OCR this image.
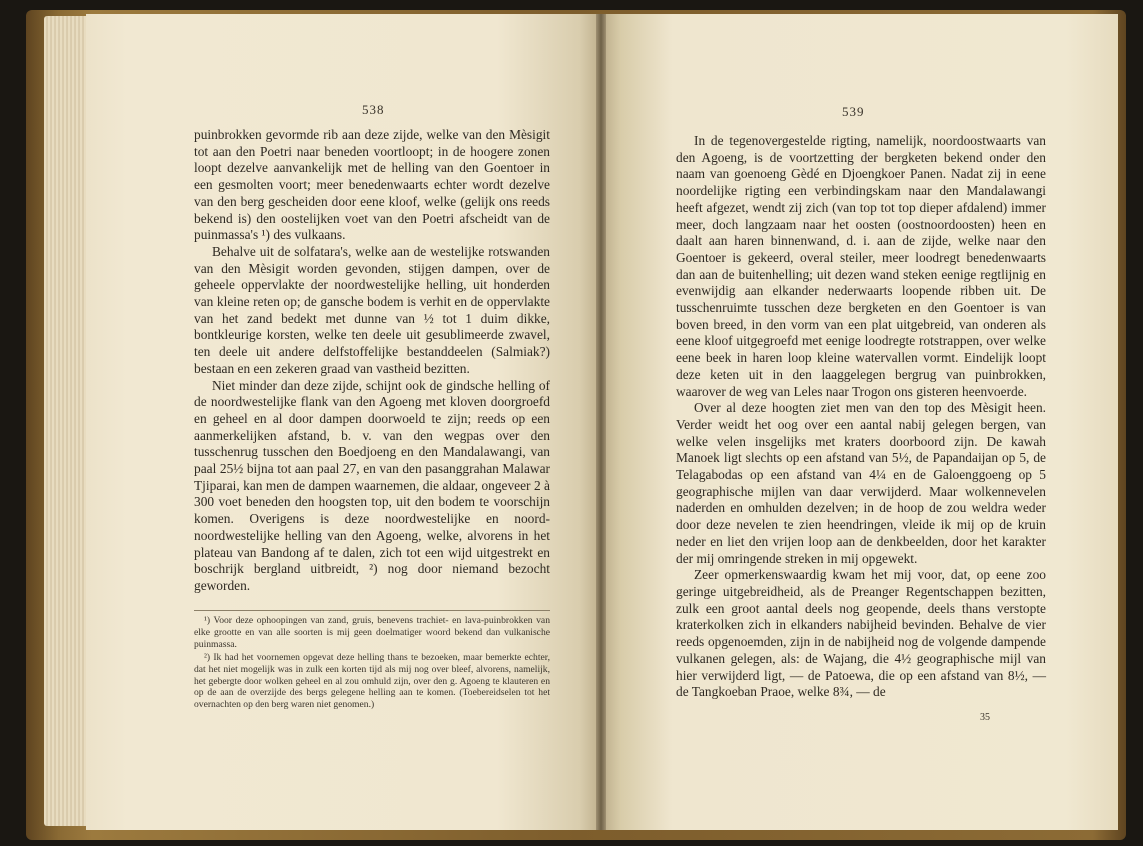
538

puinbrokken gevormde rib aan deze zijde, welke van den Mèsigit tot aan den Poetri naar beneden voortloopt; in de hoogere zonen loopt dezelve aanvankelijk met de helling van den Goentoer in een gesmolten voort; meer benedenwaarts echter wordt dezelve van den berg gescheiden door eene kloof, welke (gelijk ons reeds bekend is) den oostelijken voet van den Poetri afscheidt van de puinmassa's ¹) des vulkaans.

Behalve uit de solfatara's, welke aan de westelijke rotswanden van den Mèsigit worden gevonden, stijgen dampen, over de geheele oppervlakte der noordwestelijke helling, uit honderden van kleine reten op; de gansche bodem is verhit en de oppervlakte van het zand bedekt met dunne van ½ tot 1 duim dikke, bontkleurige korsten, welke ten deele uit gesublimeerde zwavel, ten deele uit andere delfstoffelijke bestanddeelen (Salmiak?) bestaan en een zekeren graad van vastheid bezitten.

Niet minder dan deze zijde, schijnt ook de gindsche helling of de noordwestelijke flank van den Agoeng met kloven doorgroefd en geheel en al door dampen doorwoeld te zijn; reeds op een aanmerkelijken afstand, b. v. van den wegpas over den tusschenrug tusschen den Boedjoeng en den Mandalawangi, van paal 25½ bijna tot aan paal 27, en van den pasanggrahan Malawar Tjiparai, kan men de dampen waarnemen, die aldaar, ongeveer 2 à 300 voet beneden den hoogsten top, uit den bodem te voorschijn komen. Overigens is deze noordwestelijke en noord-noordwestelijke helling van den Agoeng, welke, alvorens in het plateau van Bandong af te dalen, zich tot een wijd uitgestrekt en boschrijk bergland uitbreidt, ²) nog door niemand bezocht geworden.

¹) Voor deze ophoopingen van zand, gruis, benevens trachiet- en lava-puinbrokken van elke grootte en van alle soorten is mij geen doelmatiger woord bekend dan vulkanische puinmassa.

²) Ik had het voornemen opgevat deze helling thans te bezoeken, maar bemerkte echter, dat het niet mogelijk was in zulk een korten tijd als mij nog over bleef, alvorens, namelijk, het gebergte door wolken geheel en al zou omhuld zijn, over den g. Agoeng te klauteren en op de aan de overzijde des bergs gelegene helling aan te komen. (Toebereidselen tot het overnachten op den berg waren niet genomen.)

539

In de tegenovergestelde rigting, namelijk, noordoostwaarts van den Agoeng, is de voortzetting der bergketen bekend onder den naam van goenoeng Gèdé en Djoengkoer Panen. Nadat zij in eene noordelijke rigting een verbindingskam naar den Mandalawangi heeft afgezet, wendt zij zich (van top tot top dieper afdalend) immer meer, doch langzaam naar het oosten (oostnoordoosten) heen en daalt aan haren binnenwand, d. i. aan de zijde, welke naar den Goentoer is gekeerd, overal steiler, meer loodregt benedenwaarts dan aan de buitenhelling; uit dezen wand steken eenige regtlijnig en evenwijdig aan elkander nederwaarts loopende ribben uit. De tusschenruimte tusschen deze bergketen en den Goentoer is van boven breed, in den vorm van een plat uitgebreid, van onderen als eene kloof uitgegroefd met eenige loodregte rotstrappen, over welke eene beek in haren loop kleine watervallen vormt. Eindelijk loopt deze keten uit in den laaggelegen bergrug van puinbrokken, waarover de weg van Leles naar Trogon ons gisteren heenvoerde.

Over al deze hoogten ziet men van den top des Mèsigit heen. Verder weidt het oog over een aantal nabij gelegen bergen, van welke velen insgelijks met kraters doorboord zijn. De kawah Manoek ligt slechts op een afstand van 5½, de Papandaijan op 5, de Telagabodas op een afstand van 4¼ en de Galoenggoeng op 5 geographische mijlen van daar verwijderd. Maar wolkennevelen naderden en omhulden dezelven; in de hoop de zou weldra weder door deze nevelen te zien heendringen, vleide ik mij op de kruin neder en liet den vrijen loop aan de denkbeelden, door het karakter der mij omringende streken in mij opgewekt.

Zeer opmerkenswaardig kwam het mij voor, dat, op eene zoo geringe uitgebreidheid, als de Preanger Regentschappen bezitten, zulk een groot aantal deels nog geopende, deels thans verstopte kraterkolken zich in elkanders nabijheid bevinden. Behalve de vier reeds opgenoemden, zijn in de nabijheid nog de volgende dampende vulkanen gelegen, als: de Wajang, die 4½ geographische mijl van hier verwijderd ligt, — de Patoewa, die op een afstand van 8½, — de Tangkoeban Praoe, welke 8¾, — de

35
